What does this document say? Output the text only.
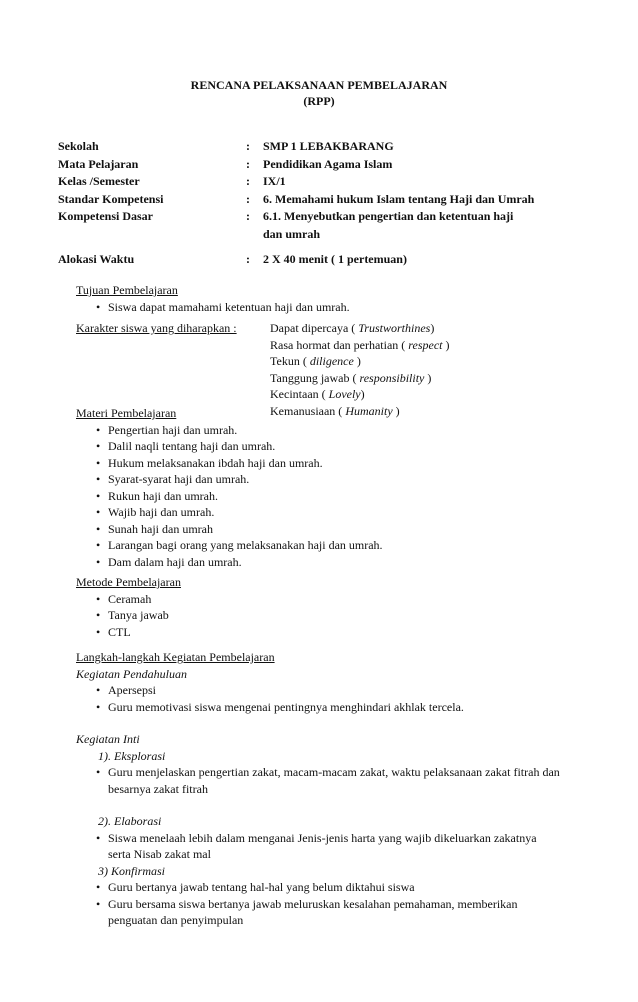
RENCANA PELAKSANAAN PEMBELAJARAN
(RPP)
Sekolah	:	SMP 1 LEBAKBARANG
Mata Pelajaran	:	Pendidikan Agama Islam
Kelas /Semester	:	IX/1
Standar Kompetensi	:	6. Memahami hukum Islam tentang Haji dan Umrah
Kompetensi Dasar	:	6.1. Menyebutkan pengertian dan ketentuan haji dan umrah
Alokasi Waktu	:	2 X 40 menit ( 1 pertemuan)
Tujuan Pembelajaran
• Siswa dapat mamahami ketentuan haji dan umrah.
Karakter siswa yang diharapkan :	Dapat dipercaya ( Trustworthines)
Rasa hormat dan perhatian ( respect )
Tekun ( diligence )
Tanggung jawab ( responsibility )
Kecintaan ( Lovely)
Kemanusiaan ( Humanity )
Materi Pembelajaran
• Pengertian haji dan umrah.
• Dalil naqli tentang haji dan umrah.
• Hukum melaksanakan ibdah haji dan umrah.
• Syarat-syarat haji dan umrah.
• Rukun haji dan umrah.
• Wajib haji dan umrah.
• Sunah haji dan umrah
• Larangan bagi orang yang melaksanakan haji dan umrah.
• Dam dalam haji dan umrah.
Metode Pembelajaran
• Ceramah
• Tanya jawab
• CTL
Langkah-langkah Kegiatan Pembelajaran
Kegiatan Pendahuluan
• Apersepsi
• Guru memotivasi siswa mengenai pentingnya menghindari akhlak tercela.
Kegiatan Inti
1). Eksplorasi
• Guru menjelaskan pengertian zakat, macam-macam zakat, waktu pelaksanaan zakat fitrah dan besarnya zakat fitrah
2). Elaborasi
• Siswa menelaah lebih dalam menganai Jenis-jenis harta yang wajib dikeluarkan zakatnya serta Nisab zakat mal
3) Konfirmasi
• Guru bertanya jawab tentang hal-hal yang belum diktahui siswa
• Guru bersama siswa bertanya jawab meluruskan kesalahan pemahaman, memberikan penguatan dan penyimpulan
